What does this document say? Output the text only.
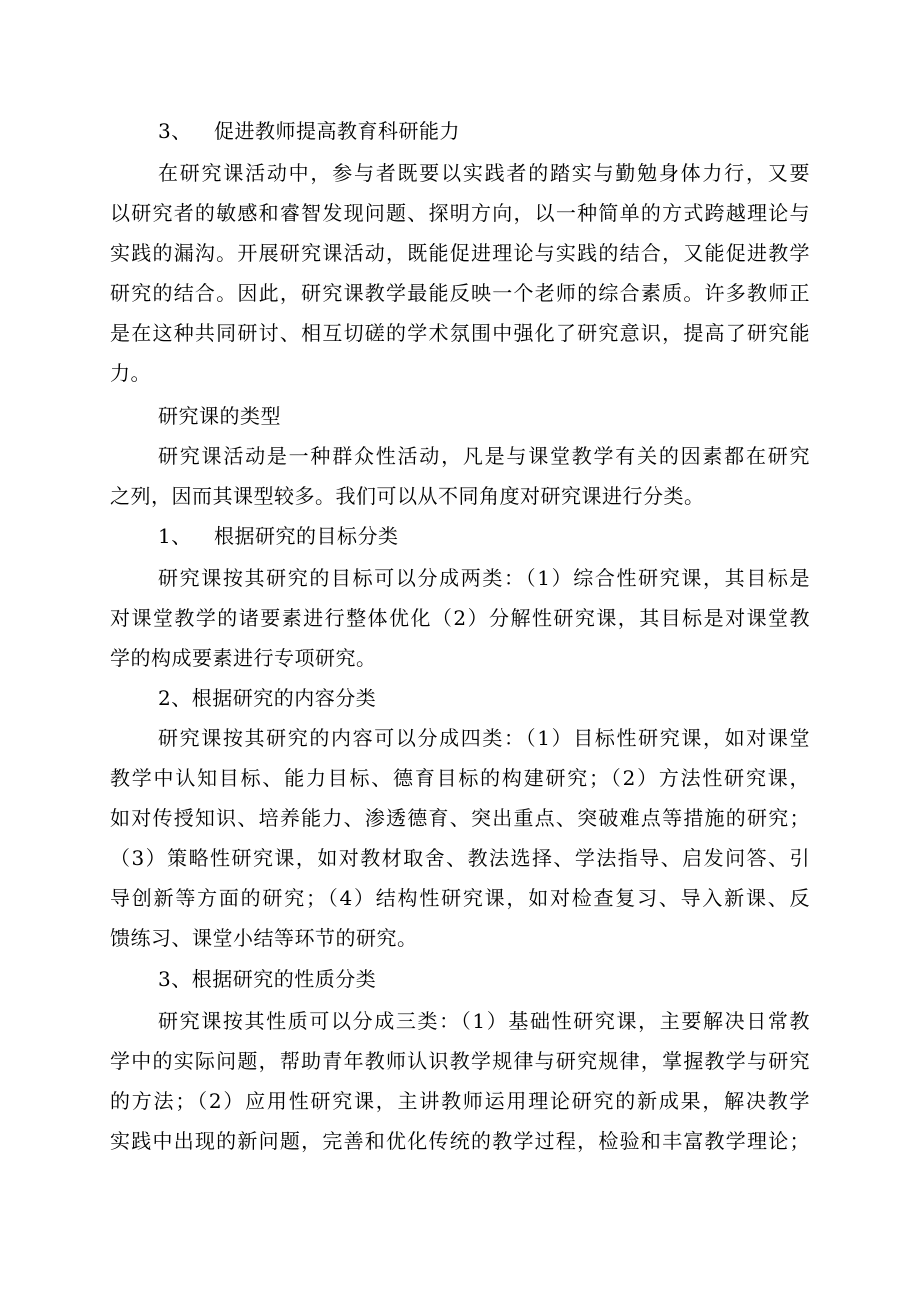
3、 促进教师提高教育科研能力
在研究课活动中，参与者既要以实践者的踏实与勤勉身体力行，又要
以研究者的敏感和睿智发现问题、探明方向，以一种简单的方式跨越理论与
实践的漏沟。开展研究课活动，既能促进理论与实践的结合，又能促进教学
研究的结合。因此，研究课教学最能反映一个老师的综合素质。许多教师正
是在这种共同研讨、相互切磋的学术氛围中强化了研究意识，提高了研究能
力。
研究课的类型
研究课活动是一种群众性活动，凡是与课堂教学有关的因素都在研究
之列，因而其课型较多。我们可以从不同角度对研究课进行分类。
1、 根据研究的目标分类
研究课按其研究的目标可以分成两类：（1）综合性研究课，其目标是
对课堂教学的诸要素进行整体优化（2）分解性研究课，其目标是对课堂教
学的构成要素进行专项研究。
2、根据研究的内容分类
研究课按其研究的内容可以分成四类：（1）目标性研究课，如对课堂
教学中认知目标、能力目标、德育目标的构建研究；（2）方法性研究课，
如对传授知识、培养能力、渗透德育、突出重点、突破难点等措施的研究；
（3）策略性研究课，如对教材取舍、教法选择、学法指导、启发问答、引
导创新等方面的研究；（4）结构性研究课，如对检查复习、导入新课、反
馈练习、课堂小结等环节的研究。
3、根据研究的性质分类
研究课按其性质可以分成三类：（1）基础性研究课，主要解决日常教
学中的实际问题，帮助青年教师认识教学规律与研究规律，掌握教学与研究
的方法；（2）应用性研究课，主讲教师运用理论研究的新成果，解决教学
实践中出现的新问题，完善和优化传统的教学过程，检验和丰富教学理论；
